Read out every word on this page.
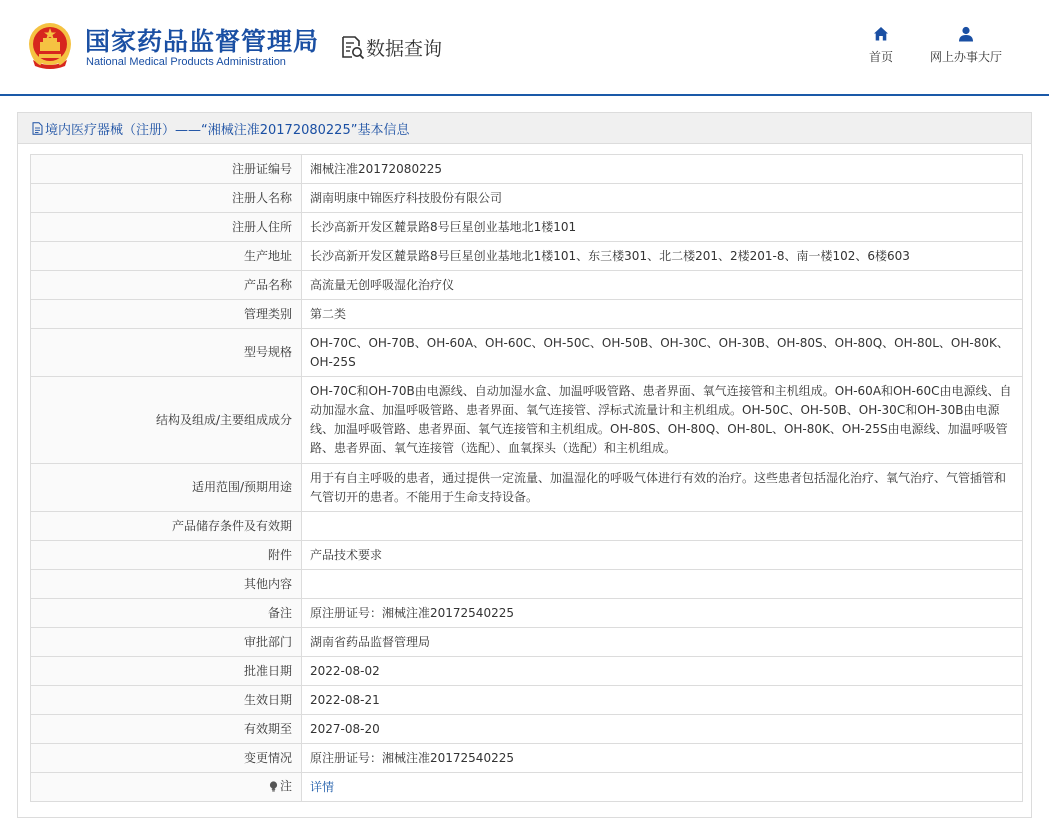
国家药品监督管理局
National Medical Products Administration
数据查询	首页	网上办事大厅
境内医疗器械（注册）——“湘械注准20172080225”基本信息
注册证编号	湘械注准20172080225
注册人名称	湖南明康中锦医疗科技股份有限公司
注册人住所	长沙高新开发区麓景路8号巨星创业基地北1楼101
生产地址	长沙高新开发区麓景路8号巨星创业基地北1楼101、东三楼301、北二楼201、2楼201-8、南一楼102、6楼603
产品名称	高流量无创呼吸湿化治疗仪
管理类别	第二类
型号规格	OH-70C、OH-70B、OH-60A、OH-60C、OH-50C、OH-50B、OH-30C、OH-30B、OH-80S、OH-80Q、OH-80L、OH-80K、OH-25S
结构及组成/主要组成成分	OH-70C和OH-70B由电源线、自动加湿水盒、加温呼吸管路、患者界面、氧气连接管和主机组成。OH-60A和OH-60C由电源线、自动加湿水盒、加温呼吸管路、患者界面、氧气连接管、浮标式流量计和主机组成。OH-50C、OH-50B、OH-30C和OH-30B由电源线、加温呼吸管路、患者界面、氧气连接管和主机组成。OH-80S、OH-80Q、OH-80L、OH-80K、OH-25S由电源线、加温呼吸管路、患者界面、氧气连接管（选配）、血氧探头（选配）和主机组成。
适用范围/预期用途	用于有自主呼吸的患者，通过提供一定流量、加温湿化的呼吸气体进行有效的治疗。这些患者包括湿化治疗、氧气治疗、气管插管和气管切开的患者。不能用于生命支持设备。
产品储存条件及有效期	
附件	产品技术要求
其他内容	
备注	原注册证号：湘械注准20172540225
审批部门	湖南省药品监督管理局
批准日期	2022-08-02
生效日期	2022-08-21
有效期至	2027-08-20
变更情况	原注册证号：湘械注准20172540225

注	详情
